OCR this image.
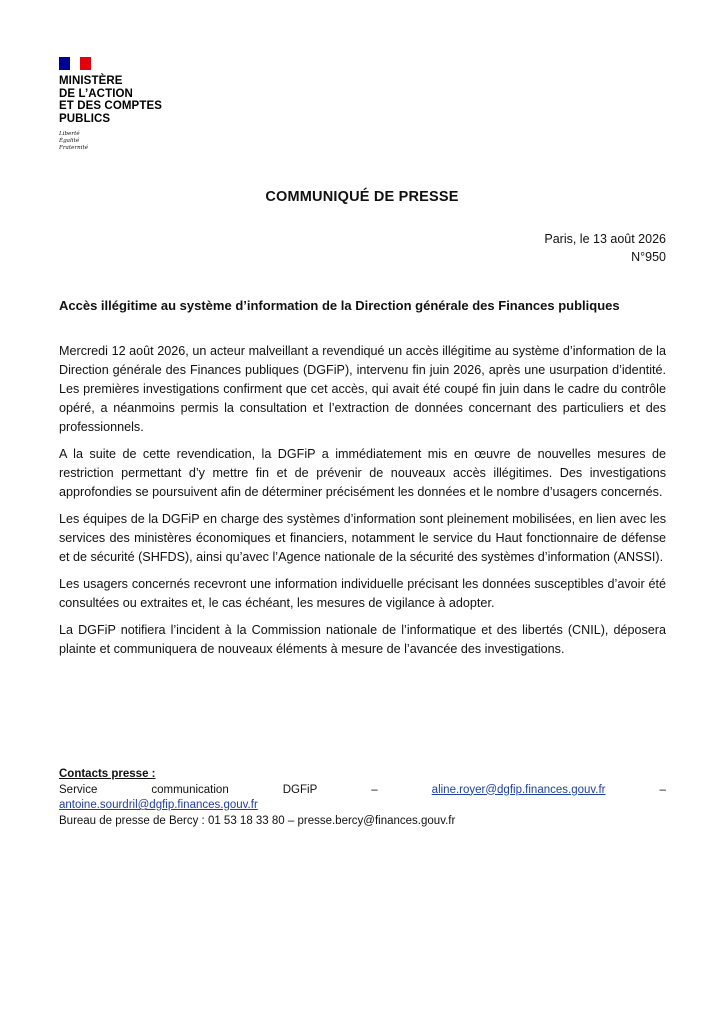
MINISTÈRE
DE L’ACTION
ET DES COMPTES
PUBLICS
Liberté
Égalité
Fraternité
COMMUNIQUÉ DE PRESSE
Paris, le 13 août 2026
N°950
Accès illégitime au système d’information de la Direction générale des Finances publiques

Mercredi 12 août 2026, un acteur malveillant a revendiqué un accès illégitime au système d’information de la Direction générale des Finances publiques (DGFiP), intervenu fin juin 2026, après une usurpation d’identité. Les premières investigations confirment que cet accès, qui avait été coupé fin juin dans le cadre du contrôle opéré, a néanmoins permis la consultation et l’extraction de données concernant des particuliers et des professionnels.

A la suite de cette revendication, la DGFiP a immédiatement mis en œuvre de nouvelles mesures de restriction permettant d’y mettre fin et de prévenir de nouveaux accès illégitimes. Des investigations approfondies se poursuivent afin de déterminer précisément les données et le nombre d’usagers concernés.

Les équipes de la DGFiP en charge des systèmes d’information sont pleinement mobilisées, en lien avec les services des ministères économiques et financiers, notamment le service du Haut fonctionnaire de défense et de sécurité (SHFDS), ainsi qu’avec l’Agence nationale de la sécurité des systèmes d’information (ANSSI).

Les usagers concernés recevront une information individuelle précisant les données susceptibles d’avoir été consultées ou extraites et, le cas échéant, les mesures de vigilance à adopter.

La DGFiP notifiera l’incident à la Commission nationale de l’informatique et des libertés (CNIL), déposera plainte et communiquera de nouveaux éléments à mesure de l’avancée des investigations.

Contacts presse :
Service	communication	DGFiP	–	aline.royer@dgfip.finances.gouv.fr	–
antoine.sourdril@dgfip.finances.gouv.fr
Bureau de presse de Bercy : 01 53 18 33 80 – presse.bercy@finances.gouv.fr
